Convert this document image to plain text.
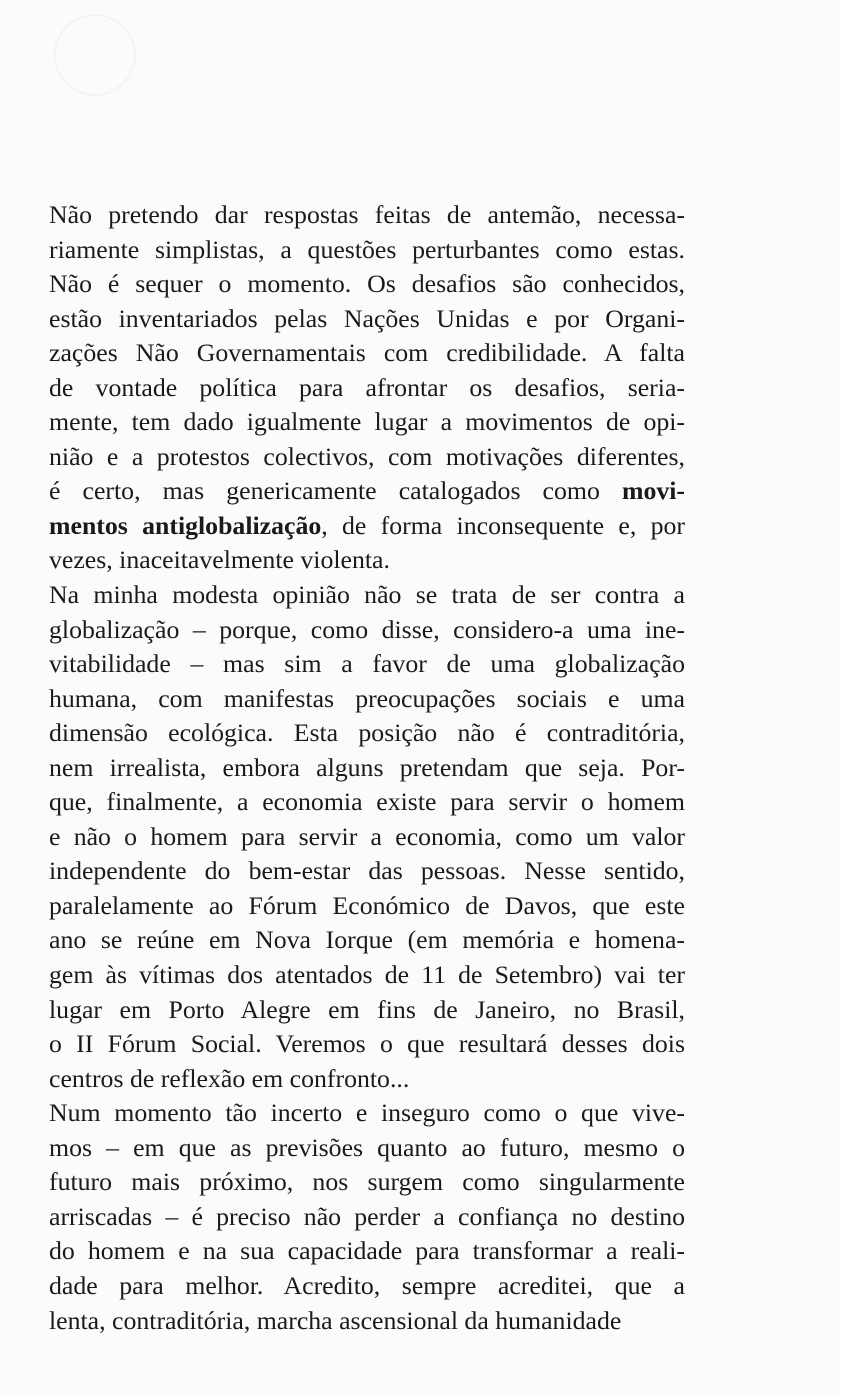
Não pretendo dar respostas feitas de antemão, necessa-
riamente simplistas, a questões perturbantes como estas.
Não é sequer o momento. Os desafios são conhecidos,
estão inventariados pelas Nações Unidas e por Organi-
zações Não Governamentais com credibilidade. A falta
de vontade política para afrontar os desafios, seria-
mente, tem dado igualmente lugar a movimentos de opi-
nião e a protestos colectivos, com motivações diferentes,
é certo, mas genericamente catalogados como movi-
mentos antiglobalização, de forma inconsequente e, por
vezes, inaceitavelmente violenta.
Na minha modesta opinião não se trata de ser contra a
globalização – porque, como disse, considero-a uma ine-
vitabilidade – mas sim a favor de uma globalização
humana, com manifestas preocupações sociais e uma
dimensão ecológica. Esta posição não é contraditória,
nem irrealista, embora alguns pretendam que seja. Por-
que, finalmente, a economia existe para servir o homem
e não o homem para servir a economia, como um valor
independente do bem-estar das pessoas. Nesse sentido,
paralelamente ao Fórum Económico de Davos, que este
ano se reúne em Nova Iorque (em memória e homena-
gem às vítimas dos atentados de 11 de Setembro) vai ter
lugar em Porto Alegre em fins de Janeiro, no Brasil,
o II Fórum Social. Veremos o que resultará desses dois
centros de reflexão em confronto...
Num momento tão incerto e inseguro como o que vive-
mos – em que as previsões quanto ao futuro, mesmo o
futuro mais próximo, nos surgem como singularmente
arriscadas – é preciso não perder a confiança no destino
do homem e na sua capacidade para transformar a reali-
dade para melhor. Acredito, sempre acreditei, que a
lenta, contraditória, marcha ascensional da humanidade
